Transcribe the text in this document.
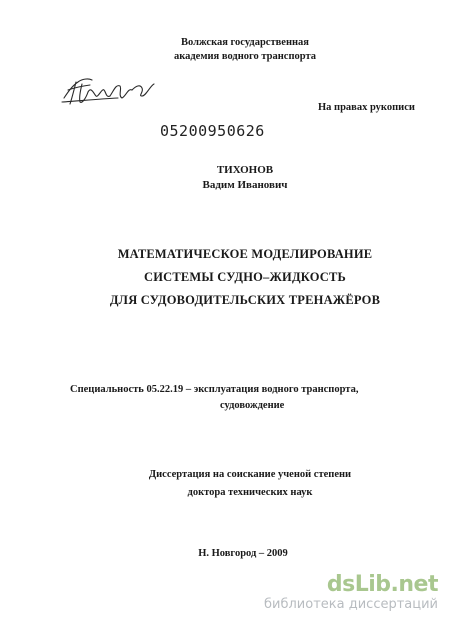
Волжская государственная
академия водного транспорта
На правах рукописи
05200950626
ТИХОНОВ
Вадим Иванович
МАТЕМАТИЧЕСКОЕ МОДЕЛИРОВАНИЕ
СИСТЕМЫ СУДНО–ЖИДКОСТЬ
ДЛЯ СУДОВОДИТЕЛЬСКИХ ТРЕНАЖЁРОВ
Специальность 05.22.19 – эксплуатация водного транспорта,
судовождение
Диссертация на соискание ученой степени
доктора технических наук
Н. Новгород – 2009
dsLib.net
библиотека диссертаций
